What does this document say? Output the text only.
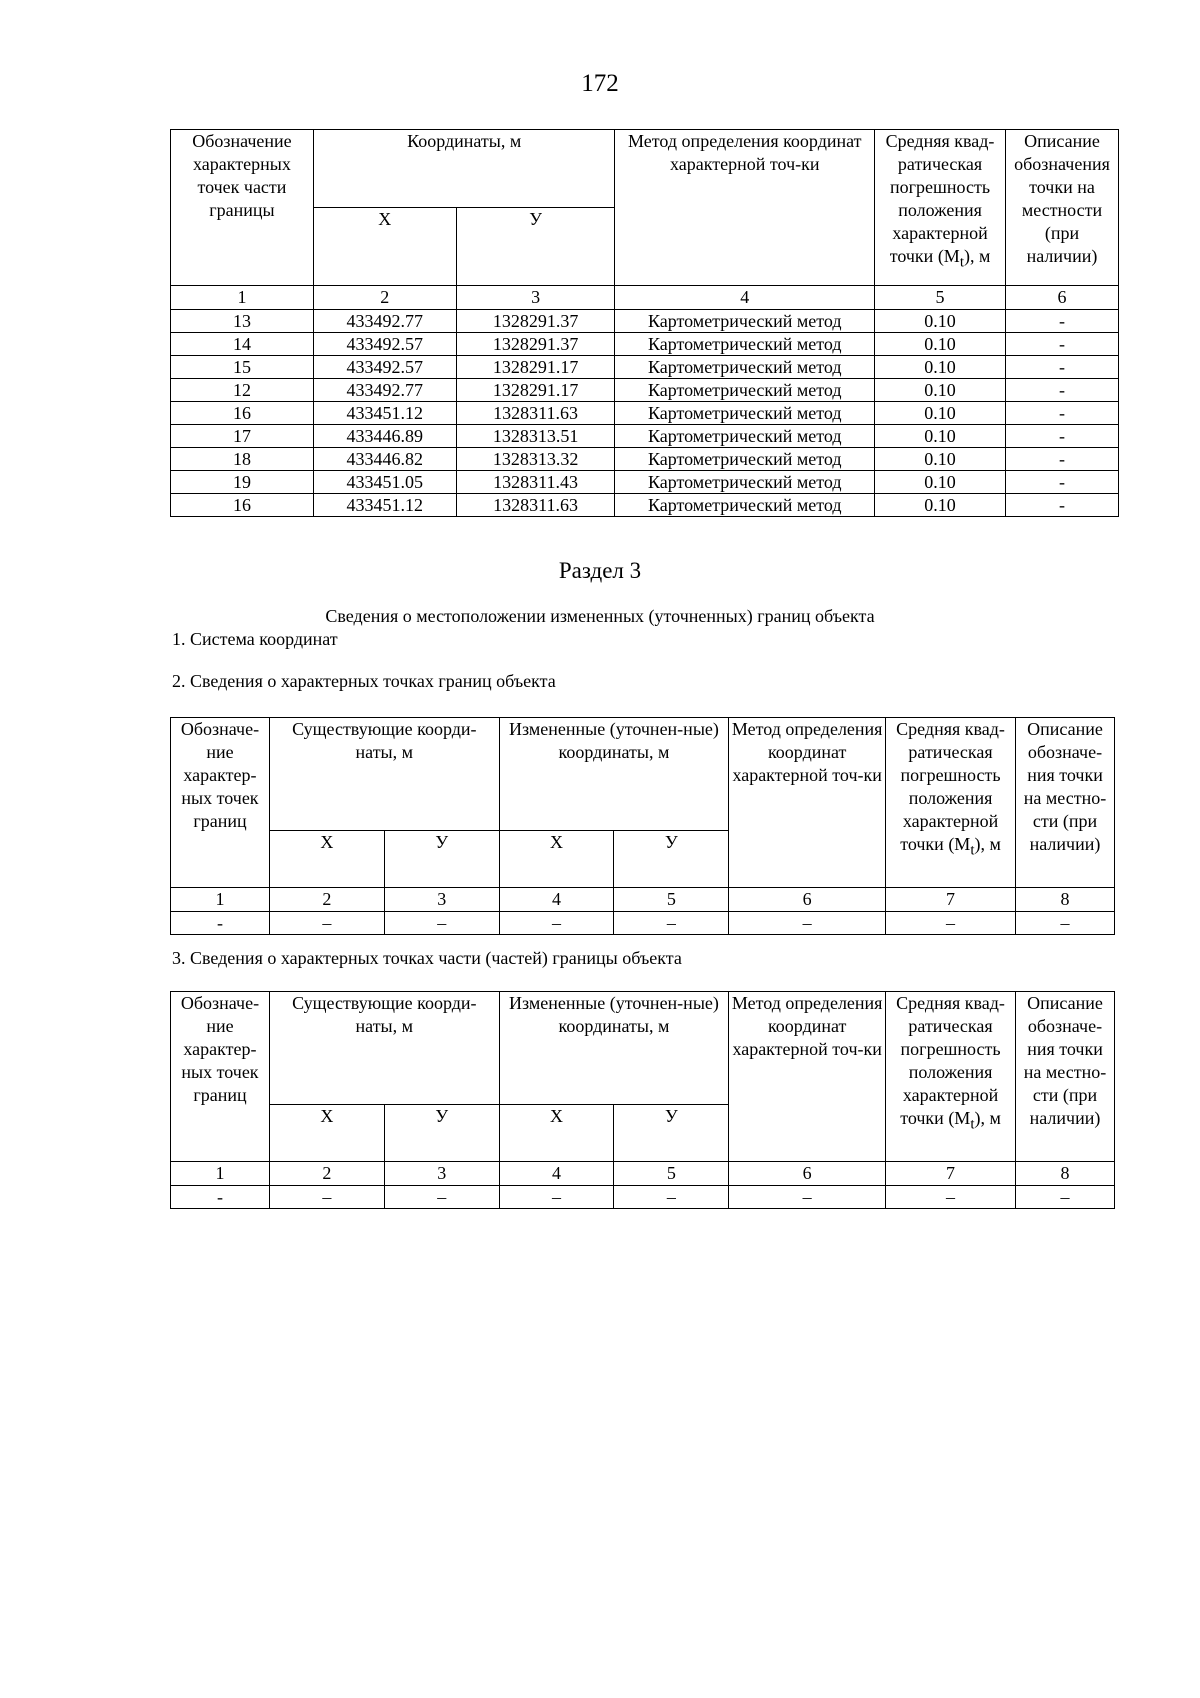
172
Обозначение характерных точек части границы	Координаты, м		Метод определения координат характерной точ-ки	Средняя квад-ратическая погрешность положения характерной точки $(M_t)$, м	Описание обозначения точки на местности (при наличии)
	X	У			
1	2	3	4	5	6
13	433492.77	1328291.37	Картометрический метод	0.10	-
14	433492.57	1328291.37	Картометрический метод	0.10	-
15	433492.57	1328291.17	Картометрический метод	0.10	-
12	433492.77	1328291.17	Картометрический метод	0.10	-
16	433451.12	1328311.63	Картометрический метод	0.10	-
17	433446.89	1328313.51	Картометрический метод	0.10	-
18	433446.82	1328313.32	Картометрический метод	0.10	-
19	433451.05	1328311.43	Картометрический метод	0.10	-
16	433451.12	1328311.63	Картометрический метод	0.10	-
Раздел 3
Сведения о местоположении измененных (уточненных) границ объекта
1. Система координат
2. Сведения о характерных точках границ объекта
Обозначе-ние характер-ных точек границ	Существующие коорди-наты, м		Измененные (уточнен-ные) координаты, м		Метод определения координат характерной точ-ки	Средняя квад-ратическая погрешность положения характерной точки $(M_t)$, м	Описание обозначе-ния точки на местно-сти (при наличии)
	X	У	X	У			
1	2	3	4	5	6	7	8
-	–	–	–	–	–	–	–
3. Сведения о характерных точках части (частей) границы объекта
Обозначе-ние характер-ных точек границ	Существующие коорди-наты, м		Измененные (уточнен-ные) координаты, м		Метод определения координат характерной точ-ки	Средняя квад-ратическая погрешность положения характерной точки $(M_t)$, м	Описание обозначе-ния точки на местно-сти (при наличии)
	X	У	X	У			
1	2	3	4	5	6	7	8
-	–	–	–	–	–	–	–
